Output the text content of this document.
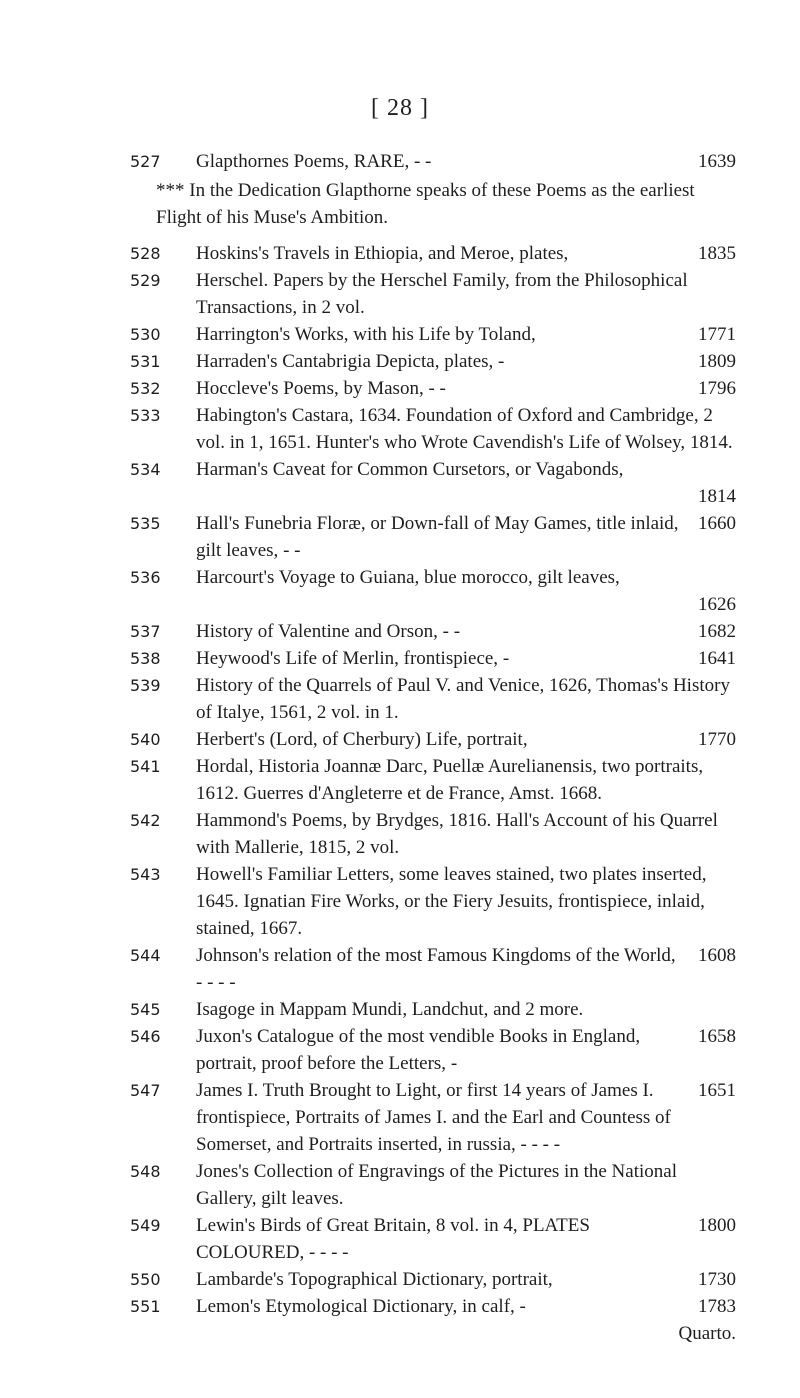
[ 28 ]
527	Glapthornes Poems, RARE, - -	1639
*** In the Dedication Glapthorne speaks of these Poems as the earliest Flight of his Muse's Ambition.
528	Hoskins's Travels in Ethiopia, and Meroe, plates,	1835
529	Herschel. Papers by the Herschel Family, from the Philosophical Transactions, in 2 vol.
530	Harrington's Works, with his Life by Toland,	1771
531	Harraden's Cantabrigia Depicta, plates, -	1809
532	Hoccleve's Poems, by Mason, - -	1796
533	Habington's Castara, 1634. Foundation of Oxford and Cambridge, 2 vol. in 1, 1651. Hunter's who Wrote Cavendish's Life of Wolsey, 1814.
534	Harman's Caveat for Common Cursetors, or Vagabonds,
1814
535	Hall's Funebria Floræ, or Down-fall of May Games, title inlaid, gilt leaves, - -
1660
536	Harcourt's Voyage to Guiana, blue morocco, gilt leaves,
1626
537	History of Valentine and Orson, - -	1682
538	Heywood's Life of Merlin, frontispiece, -	1641
539	History of the Quarrels of Paul V. and Venice, 1626, Thomas's History of Italye, 1561, 2 vol. in 1.
540	Herbert's (Lord, of Cherbury) Life, portrait,	1770
541	Hordal, Historia Joannæ Darc, Puellæ Aurelianensis, two portraits, 1612. Guerres d'Angleterre et de France, Amst. 1668.
542	Hammond's Poems, by Brydges, 1816. Hall's Account of his Quarrel with Mallerie, 1815, 2 vol.
543	Howell's Familiar Letters, some leaves stained, two plates inserted, 1645. Ignatian Fire Works, or the Fiery Jesuits, frontispiece, inlaid, stained, 1667.
544	Johnson's relation of the most Famous Kingdoms of the World, - - - -
1608
545	Isagoge in Mappam Mundi, Landchut, and 2 more.
546	Juxon's Catalogue of the most vendible Books in England, portrait, proof before the Letters, -
1658
547	James I. Truth Brought to Light, or first 14 years of James I. frontispiece, Portraits of James I. and the Earl and Countess of Somerset, and Portraits inserted, in russia, - - - -
1651
548	Jones's Collection of Engravings of the Pictures in the National Gallery, gilt leaves.
549	Lewin's Birds of Great Britain, 8 vol. in 4, PLATES COLOURED, - - - -
1800
550	Lambarde's Topographical Dictionary, portrait,	1730
551	Lemon's Etymological Dictionary, in calf, -	1783
Quarto.
